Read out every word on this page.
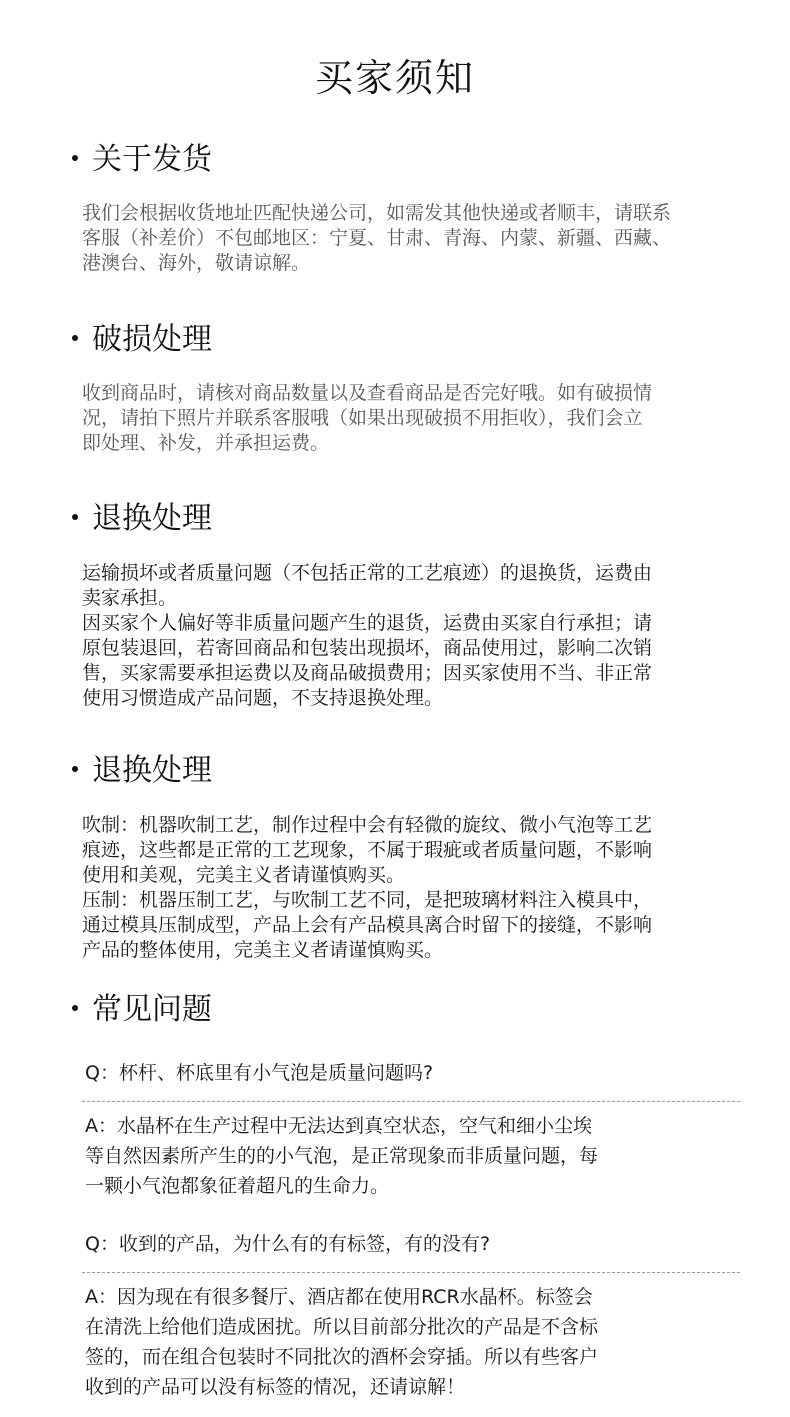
买家须知
关于发货
我们会根据收货地址匹配快递公司，如需发其他快递或者顺丰，请联系
客服（补差价）不包邮地区：宁夏、甘肃、青海、内蒙、新疆、西藏、
港澳台、海外，敬请谅解。
破损处理
收到商品时，请核对商品数量以及查看商品是否完好哦。如有破损情
况，请拍下照片并联系客服哦（如果出现破损不用拒收），我们会立
即处理、补发，并承担运费。
退换处理
运输损坏或者质量问题（不包括正常的工艺痕迹）的退换货，运费由
卖家承担。
因买家个人偏好等非质量问题产生的退货，运费由买家自行承担；请
原包装退回，若寄回商品和包装出现损坏，商品使用过，影响二次销
售，买家需要承担运费以及商品破损费用；因买家使用不当、非正常
使用习惯造成产品问题，不支持退换处理。
退换处理
吹制：机器吹制工艺，制作过程中会有轻微的旋纹、微小气泡等工艺
痕迹，这些都是正常的工艺现象，不属于瑕疵或者质量问题，不影响
使用和美观，完美主义者请谨慎购买。
压制：机器压制工艺，与吹制工艺不同，是把玻璃材料注入模具中，
通过模具压制成型，产品上会有产品模具离合时留下的接缝，不影响
产品的整体使用，完美主义者请谨慎购买。
常见问题
Q：杯杆、杯底里有小气泡是质量问题吗?
A：水晶杯在生产过程中无法达到真空状态，空气和细小尘埃
等自然因素所产生的的小气泡，是正常现象而非质量问题，每
一颗小气泡都象征着超凡的生命力。
Q：收到的产品，为什么有的有标签，有的没有?
A：因为现在有很多餐厅、酒店都在使用RCR水晶杯。标签会
在清洗上给他们造成困扰。所以目前部分批次的产品是不含标
签的，而在组合包装时不同批次的酒杯会穿插。所以有些客户
收到的产品可以没有标签的情况，还请谅解！
